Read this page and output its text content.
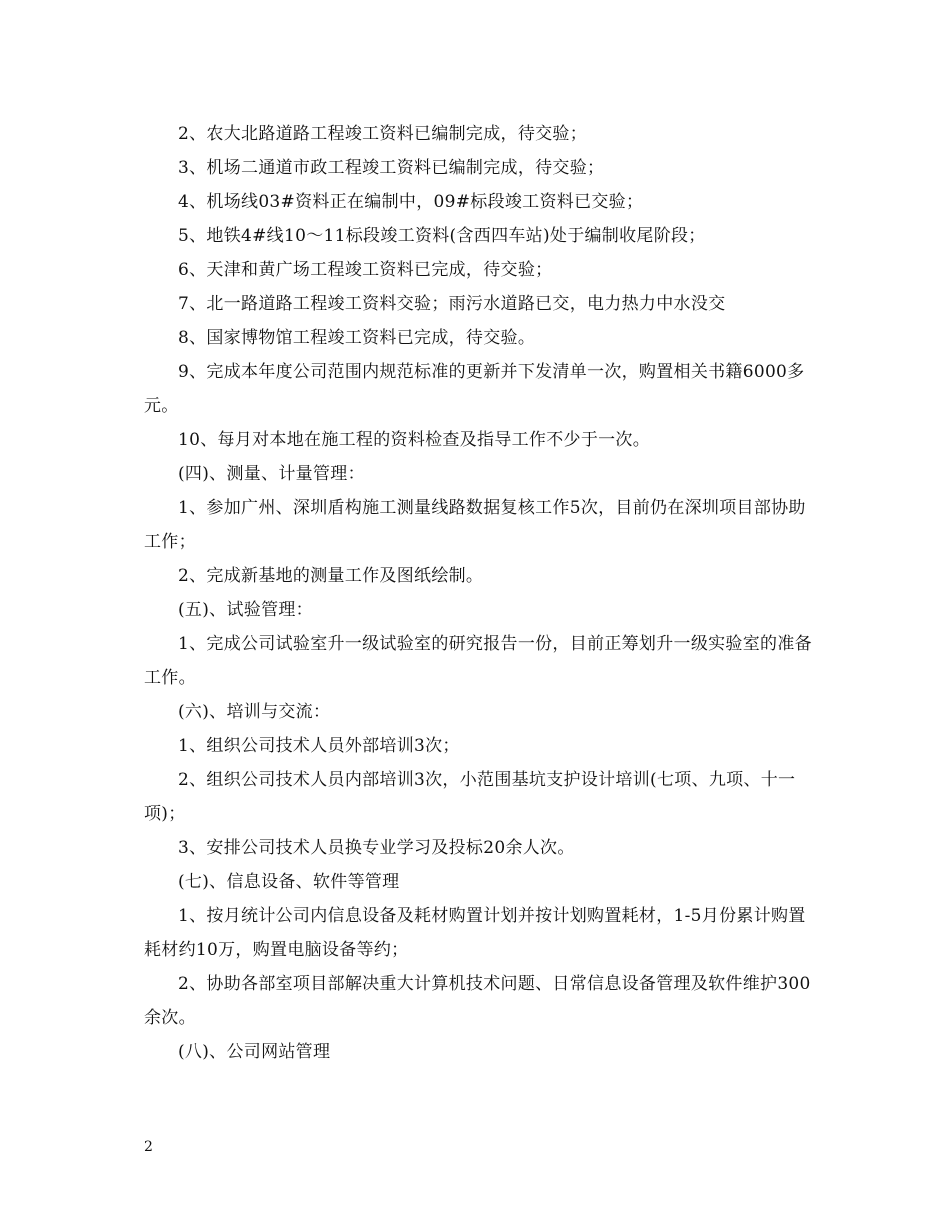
2、农大北路道路工程竣工资料已编制完成，待交验；

3、机场二通道市政工程竣工资料已编制完成，待交验；

4、机场线03#资料正在编制中，09#标段竣工资料已交验；

5、地铁4#线10～11标段竣工资料(含西四车站)处于编制收尾阶段；

6、天津和黄广场工程竣工资料已完成，待交验；

7、北一路道路工程竣工资料交验；雨污水道路已交，电力热力中水没交

8、国家博物馆工程竣工资料已完成，待交验。

9、完成本年度公司范围内规范标准的更新并下发清单一次，购置相关书籍6000多元。

10、每月对本地在施工程的资料检查及指导工作不少于一次。

(四)、测量、计量管理：

1、参加广州、深圳盾构施工测量线路数据复核工作5次，目前仍在深圳项目部协助工作；

2、完成新基地的测量工作及图纸绘制。

(五)、试验管理：

1、完成公司试验室升一级试验室的研究报告一份，目前正筹划升一级实验室的准备工作。

(六)、培训与交流：

1、组织公司技术人员外部培训3次；

2、组织公司技术人员内部培训3次，小范围基坑支护设计培训(七项、九项、十一项)；

3、安排公司技术人员换专业学习及投标20余人次。

(七)、信息设备、软件等管理

1、按月统计公司内信息设备及耗材购置计划并按计划购置耗材，1-5月份累计购置耗材约10万，购置电脑设备等约；

2、协助各部室项目部解决重大计算机技术问题、日常信息设备管理及软件维护300余次。

(八)、公司网站管理

2
